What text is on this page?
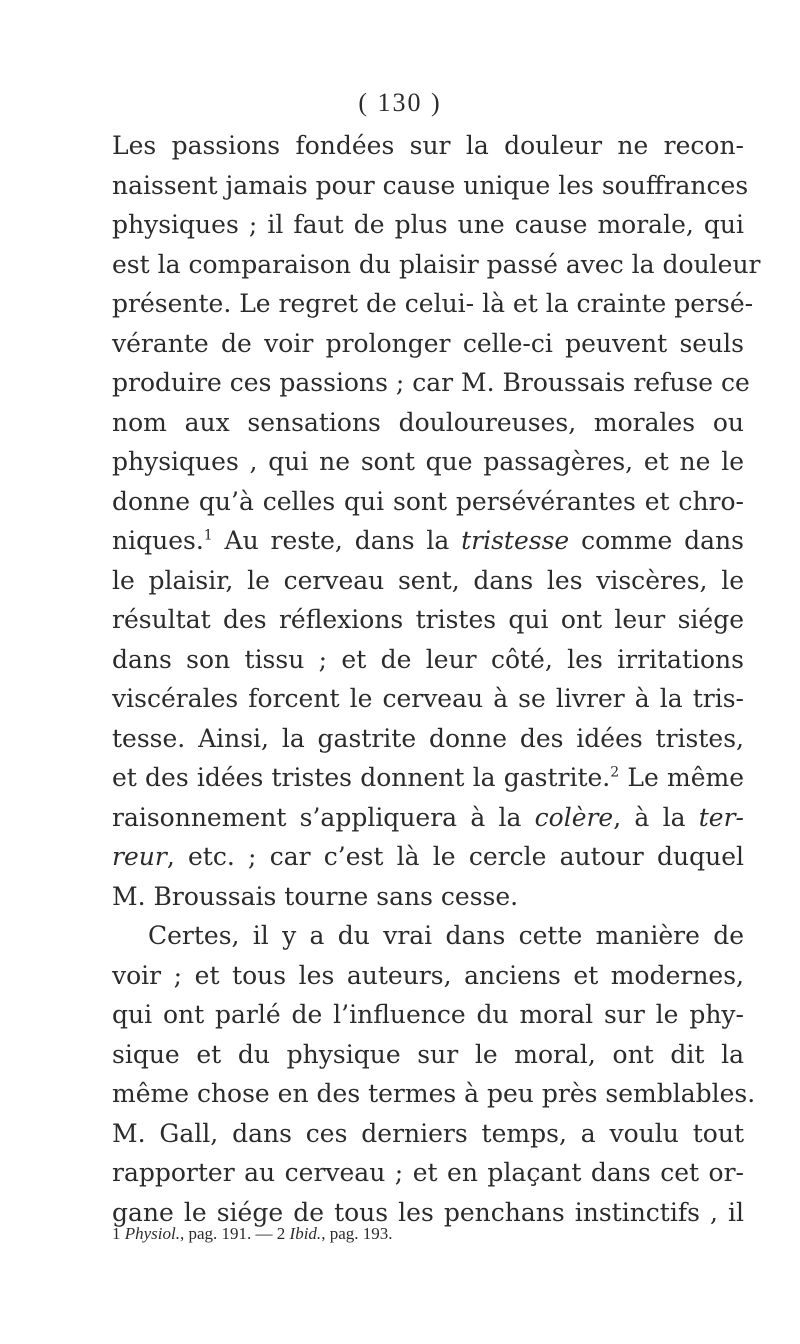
( 130 )
Les passions fondées sur la douleur ne recon-
naissent jamais pour cause unique les souffrances
physiques ; il faut de plus une cause morale, qui
est la comparaison du plaisir passé avec la douleur
présente. Le regret de celui- là et la crainte persé-
vérante de voir prolonger celle-ci peuvent seuls
produire ces passions ; car M. Broussais refuse ce
nom aux sensations douloureuses, morales ou
physiques , qui ne sont que passagères, et ne le
donne qu’à celles qui sont persévérantes et chro-
niques.$^1$ Au reste, dans la tristesse comme dans
le plaisir, le cerveau sent, dans les viscères, le
résultat des réflexions tristes qui ont leur siége
dans son tissu ; et de leur côté, les irritations
viscérales forcent le cerveau à se livrer à la tris-
tesse. Ainsi, la gastrite donne des idées tristes,
et des idées tristes donnent la gastrite.$^2$ Le même
raisonnement s’appliquera à la colère, à la ter-
reur, etc. ; car c’est là le cercle autour duquel
M. Broussais tourne sans cesse.
Certes, il y a du vrai dans cette manière de
voir ; et tous les auteurs, anciens et modernes,
qui ont parlé de l’influence du moral sur le phy-
sique et du physique sur le moral, ont dit la
même chose en des termes à peu près semblables.
M. Gall, dans ces derniers temps, a voulu tout
rapporter au cerveau ; et en plaçant dans cet or-
gane le siége de tous les penchans instinctifs , il
1 Physiol., pag. 191. — 2 Ibid., pag. 193.
